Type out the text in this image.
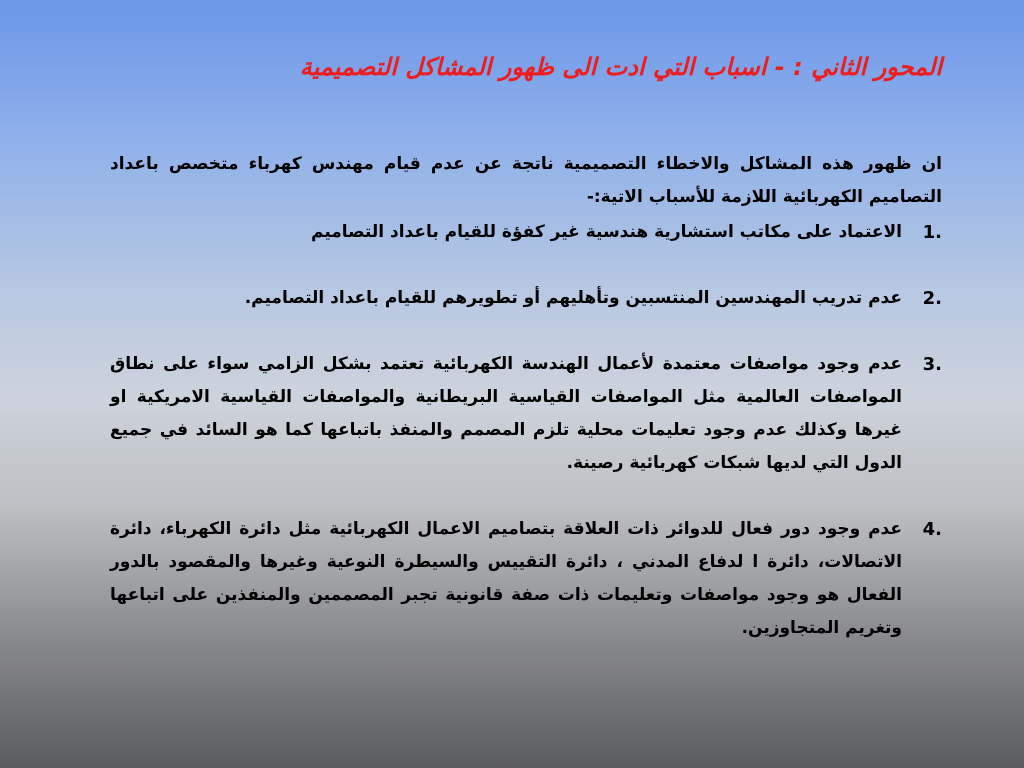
المحور الثاني : - اسباب التي ادت الى ظهور المشاكل التصميمية

ان ظهور هذه المشاكل والاخطاء التصميمية ناتجة عن عدم قيام مهندس كهرباء متخصص باعداد التصاميم الكهربائية اللازمة للأسباب الاتية:-

1.
الاعتماد على مكاتب استشارية هندسية غير كفؤة للقيام باعداد التصاميم
2.
عدم تدريب المهندسين المنتسبين وتأهليهم أو تطويرهم للقيام باعداد التصاميم.
3.
عدم وجود مواصفات معتمدة لأعمال الهندسة الكهربائية تعتمد بشكل الزامي سواء على نطاق المواصفات العالمية مثل المواصفات القياسية البريطانية والمواصفات القياسية الامريكية او غيرها وكذلك عدم وجود تعليمات محلية تلزم المصمم والمنفذ باتباعها كما هو السائد في جميع الدول التي لديها شبكات كهربائية رصينة.
4.
عدم وجود دور فعال للدوائر ذات العلاقة بتصاميم الاعمال الكهربائية مثل دائرة الكهرباء، دائرة الاتصالات، دائرة ا لدفاع المدني ، دائرة التقييس والسيطرة النوعية وغيرها والمقصود بالدور الفعال هو وجود مواصفات وتعليمات ذات صفة قانونية تجبر المصممين والمنفذين على اتباعها وتغريم المتجاوزين.
